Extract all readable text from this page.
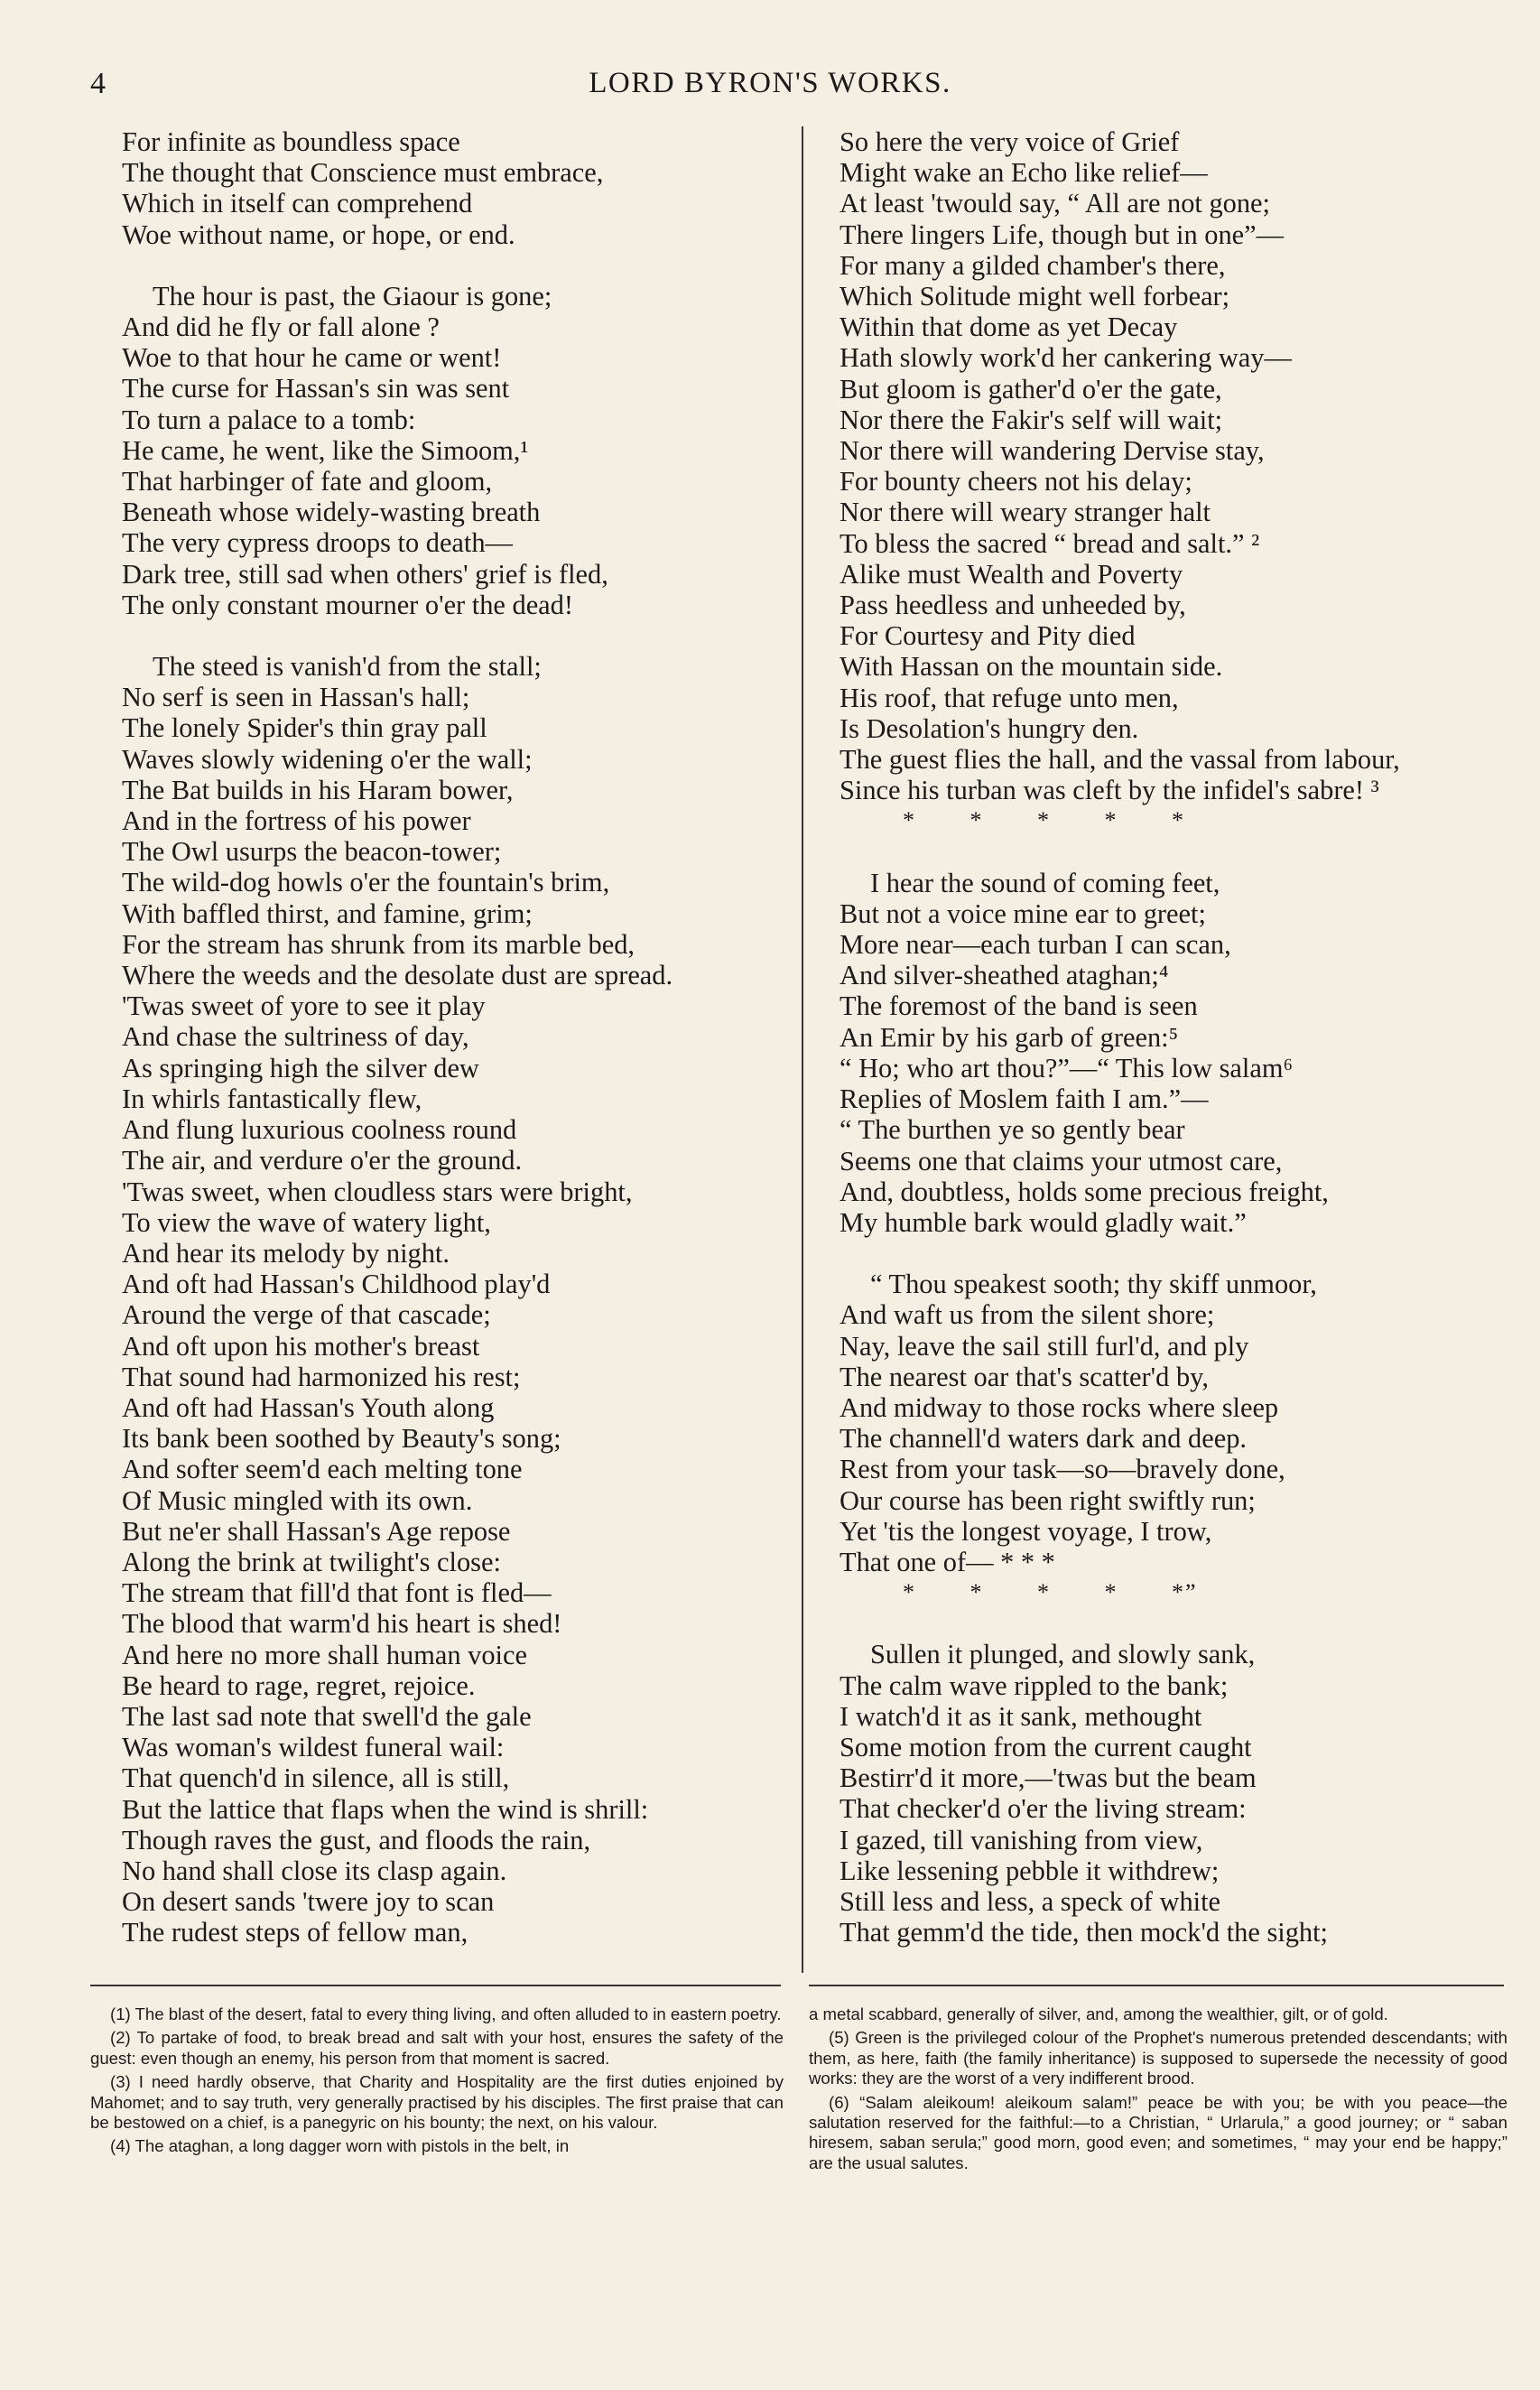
4	LORD BYRON'S WORKS.
For infinite as boundless space
The thought that Conscience must embrace,
Which in itself can comprehend
Woe without name, or hope, or end.
The hour is past, the Giaour is gone;
And did he fly or fall alone ?
Woe to that hour he came or went!
The curse for Hassan's sin was sent
To turn a palace to a tomb:
He came, he went, like the Simoom,¹
That harbinger of fate and gloom,
Beneath whose widely-wasting breath
The very cypress droops to death—
Dark tree, still sad when others' grief is fled,
The only constant mourner o'er the dead!
The steed is vanish'd from the stall;
No serf is seen in Hassan's hall;
The lonely Spider's thin gray pall
Waves slowly widening o'er the wall;
The Bat builds in his Haram bower,
And in the fortress of his power
The Owl usurps the beacon-tower;
The wild-dog howls o'er the fountain's brim,
With baffled thirst, and famine, grim;
For the stream has shrunk from its marble bed,
Where the weeds and the desolate dust are spread.
'Twas sweet of yore to see it play
And chase the sultriness of day,
As springing high the silver dew
In whirls fantastically flew,
And flung luxurious coolness round
The air, and verdure o'er the ground.
'Twas sweet, when cloudless stars were bright,
To view the wave of watery light,
And hear its melody by night.
And oft had Hassan's Childhood play'd
Around the verge of that cascade;
And oft upon his mother's breast
That sound had harmonized his rest;
And oft had Hassan's Youth along
Its bank been soothed by Beauty's song;
And softer seem'd each melting tone
Of Music mingled with its own.
But ne'er shall Hassan's Age repose
Along the brink at twilight's close:
The stream that fill'd that font is fled—
The blood that warm'd his heart is shed!
And here no more shall human voice
Be heard to rage, regret, rejoice.
The last sad note that swell'd the gale
Was woman's wildest funeral wail:
That quench'd in silence, all is still,
But the lattice that flaps when the wind is shrill:
Though raves the gust, and floods the rain,
No hand shall close its clasp again.
On desert sands 'twere joy to scan
The rudest steps of fellow man,
So here the very voice of Grief
Might wake an Echo like relief—
At least 'twould say, “ All are not gone;
There lingers Life, though but in one”—
For many a gilded chamber's there,
Which Solitude might well forbear;
Within that dome as yet Decay
Hath slowly work'd her cankering way—
But gloom is gather'd o'er the gate,
Nor there the Fakir's self will wait;
Nor there will wandering Dervise stay,
For bounty cheers not his delay;
Nor there will weary stranger halt
To bless the sacred “ bread and salt.” ²
Alike must Wealth and Poverty
Pass heedless and unheeded by,
For Courtesy and Pity died
With Hassan on the mountain side.
His roof, that refuge unto men,
Is Desolation's hungry den.
The guest flies the hall, and the vassal from labour,
Since his turban was cleft by the infidel's sabre! ³
*       *       *       *       *
I hear the sound of coming feet,
But not a voice mine ear to greet;
More near—each turban I can scan,
And silver-sheathed ataghan;⁴
The foremost of the band is seen
An Emir by his garb of green:⁵
“ Ho; who art thou?”—“ This low salam⁶
Replies of Moslem faith I am.”—
“ The burthen ye so gently bear
Seems one that claims your utmost care,
And, doubtless, holds some precious freight,
My humble bark would gladly wait.”
“ Thou speakest sooth; thy skiff unmoor,
And waft us from the silent shore;
Nay, leave the sail still furl'd, and ply
The nearest oar that's scatter'd by,
And midway to those rocks where sleep
The channell'd waters dark and deep.
Rest from your task—so—bravely done,
Our course has been right swiftly run;
Yet 'tis the longest voyage, I trow,
That one of— * * *
*       *       *       *       *”
Sullen it plunged, and slowly sank,
The calm wave rippled to the bank;
I watch'd it as it sank, methought
Some motion from the current caught
Bestirr'd it more,—'twas but the beam
That checker'd o'er the living stream:
I gazed, till vanishing from view,
Like lessening pebble it withdrew;
Still less and less, a speck of white
That gemm'd the tide, then mock'd the sight;
(1) The blast of the desert, fatal to every thing living, and often alluded to in eastern poetry.
(2) To partake of food, to break bread and salt with your host, ensures the safety of the guest: even though an enemy, his person from that moment is sacred.
(3) I need hardly observe, that Charity and Hospitality are the first duties enjoined by Mahomet; and to say truth, very generally practised by his disciples. The first praise that can be bestowed on a chief, is a panegyric on his bounty; the next, on his valour.
(4) The ataghan, a long dagger worn with pistols in the belt, in
a metal scabbard, generally of silver, and, among the wealthier, gilt, or of gold.
(5) Green is the privileged colour of the Prophet's numerous pretended descendants; with them, as here, faith (the family inheritance) is supposed to supersede the necessity of good works: they are the worst of a very indifferent brood.
(6) “Salam aleikoum! aleikoum salam!” peace be with you; be with you peace—the salutation reserved for the faithful:—to a Christian, “ Urlarula,” a good journey; or “ saban hiresem, saban serula;” good morn, good even; and sometimes, “ may your end be happy;” are the usual salutes.
